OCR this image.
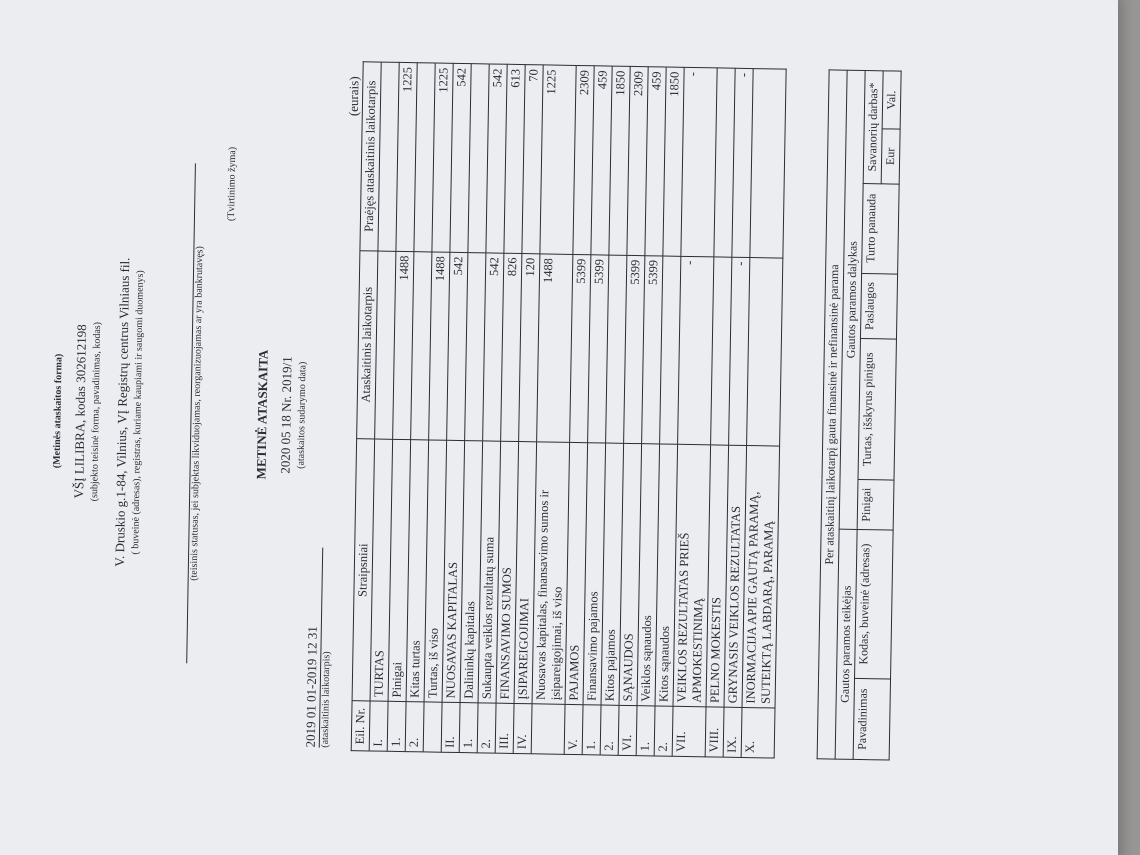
(Metinės ataskaitos forma) VŠĮ LILIBRA, kodas 302612198 (subjekto teisinė forma, pavadinimas, kodas) V. Druskio g.1-84, Vilnius, VĮ Registrų centrus Vilniaus fil.
( buveinė (adresas), registras, kuriame kaupiami ir saugomi duomenys)	(teisinis statusas, jei subjektas likviduojamas, reorganizuojamas ar yra bankrutavęs)
(Tvirtinimo žyma)
METINĖ ATASKAITA 2020 05 18 Nr. 2019/1 (ataskaitos sudarymo data)
2019 01 01-2019 12 31 (ataskaitinis laikotarpis)
(eurais)
Eil. Nr.	Straipsniai	Ataskaitinis laikotarpis	Praėjęs ataskaitinis laikotarpis
I.	TURTAS		
1.	Pinigai	1488	1225
2.	Kitas turtas		
	Turtas, iš viso	1488	1225
II.	NUOSAVAS KAPITALAS	542	542
1.	Dalininkų kapitalas		
2.	Sukaupta veiklos rezultatų suma	542	542
III.	FINANSAVIMO SUMOS	826	613
IV.	ĮSIPAREIGOJIMAI	120	70
	Nuosavas kapitalas, finansavimo sumos ir įsipareigojimai, iš viso	1488	1225
V.	PAJAMOS	5399	2309
1.	Finansavimo pajamos	5399	459
2.	Kitos pajamos		1850
VI.	SĄNAUDOS	5399	2309
1.	Veiklos sąnaudos	5399	459
2.	Kitos sąnaudos		1850
VII.	VEIKLOS REZULTATAS PRIEŠ APMOKESTINIMĄ	-	-
VIII.	PELNO MOKESTIS		
IX.	GRYNASIS VEIKLOS REZULTATAS	-	-
X.	INORMACIJA APIE GAUTĄ PARAMĄ, SUTEIKTĄ LABDARĄ, PARAMĄ		
Per ataskaitinį laikotarpį gauta finansinė ir nefinansinė parama							
Gautos paramos teikėjas		Gautos paramos dalykas					
Pavadinimas	Kodas, buveinė (adresas)	Pinigai	Turtas, išskyrus pinigus	Paslaugos	Turto panauda	Savanorių darbas*	
						Eur	Val.
